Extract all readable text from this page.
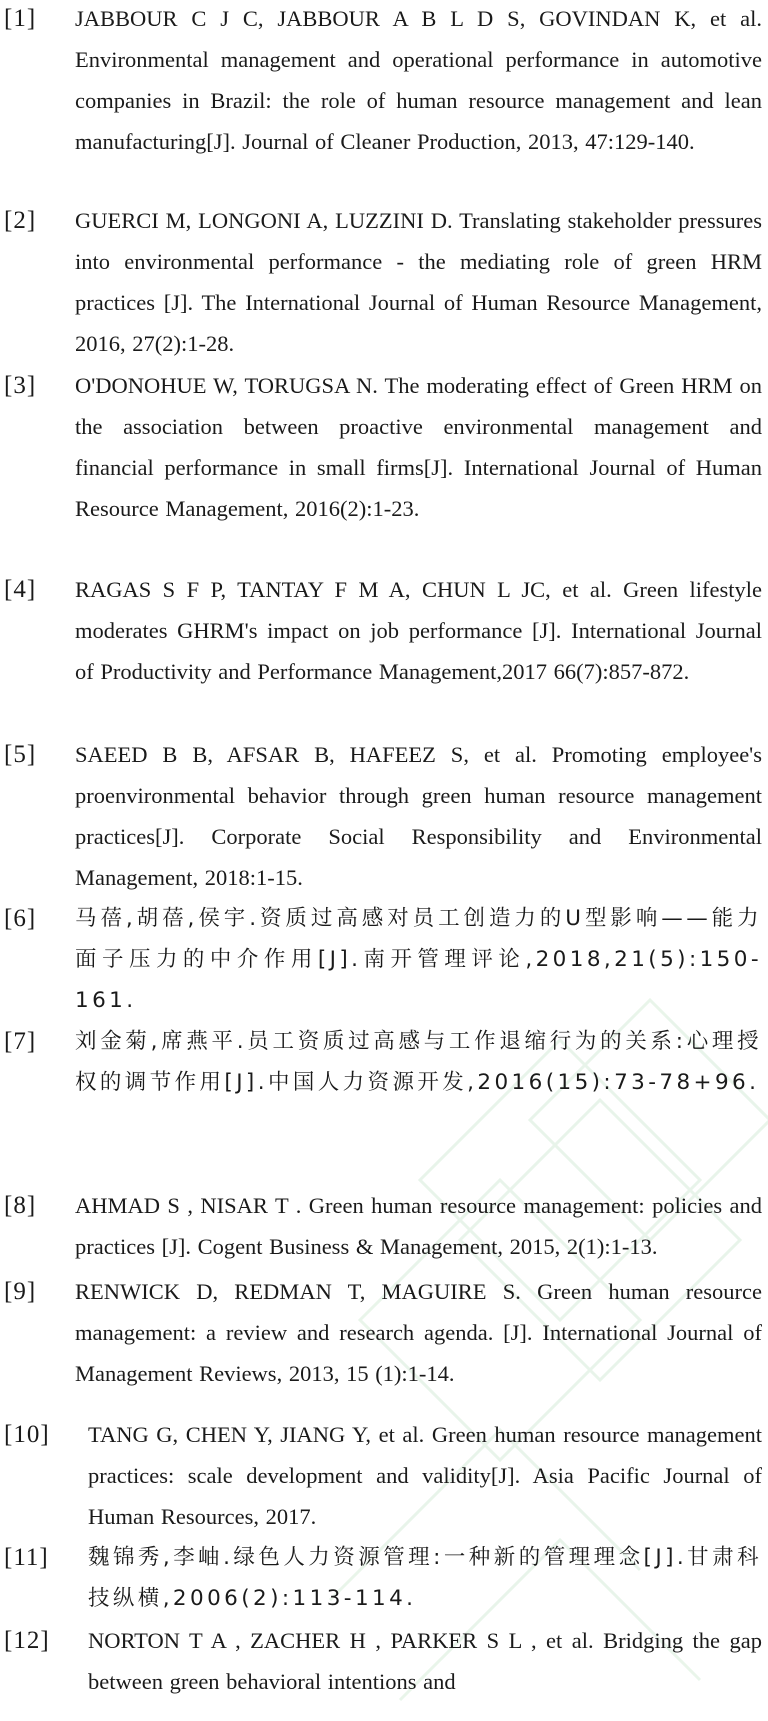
[1] JABBOUR C J C, JABBOUR A B L D S, GOVINDAN K, et al. Environmental management and operational performance in automotive companies in Brazil: the role of human resource management and lean manufacturing[J]. Journal of Cleaner Production, 2013, 47:129-140.

[2] GUERCI M, LONGONI A, LUZZINI D. Translating stakeholder pressures into environmental performance - the mediating role of green HRM practices [J]. The International Journal of Human Resource Management, 2016, 27(2):1-28.

[3] O'DONOHUE W, TORUGSA N. The moderating effect of Green HRM on the association between proactive environmental management and financial performance in small firms[J]. International Journal of Human Resource Management, 2016(2):1-23.

[4] RAGAS S F P, TANTAY F M A, CHUN L JC, et al. Green lifestyle moderates GHRM's impact on job performance [J]. International Journal of Productivity and Performance Management,2017 66(7):857-872.

[5] SAEED B B, AFSAR B, HAFEEZ S, et al. Promoting employee's proenvironmental behavior through green human resource management practices[J]. Corporate Social Responsibility and Environmental Management, 2018:1-15.

[6] 马蓓,胡蓓,侯宇.资质过高感对员工创造力的U型影响——能力面子压力的中介作用[J].南开管理评论,2018,21(5):150-161.

[7] 刘金菊,席燕平.员工资质过高感与工作退缩行为的关系:心理授权的调节作用[J].中国人力资源开发,2016(15):73-78+96.

[8] AHMAD S , NISAR T . Green human resource management: policies and practices [J]. Cogent Business & Management, 2015, 2(1):1-13.

[9] RENWICK D, REDMAN T, MAGUIRE S. Green human resource management: a review and research agenda. [J]. International Journal of Management Reviews, 2013, 15 (1):1-14.

[10] TANG G, CHEN Y, JIANG Y, et al. Green human resource management practices: scale development and validity[J]. Asia Pacific Journal of Human Resources, 2017.

[11] 魏锦秀,李岫.绿色人力资源管理:一种新的管理理念[J].甘肃科技纵横,2006(2):113-114.

[12] NORTON T A , ZACHER H , PARKER S L , et al. Bridging the gap between green behavioral intentions and
